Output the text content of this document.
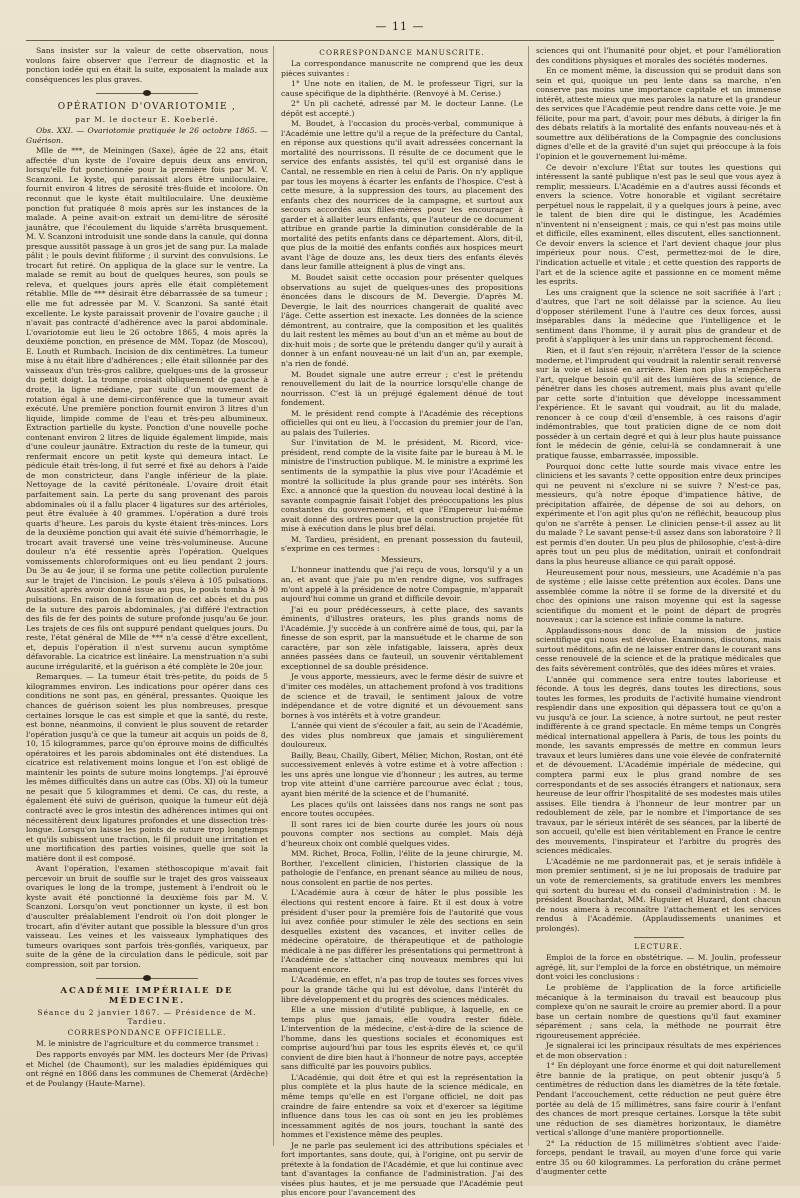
— 11 —

Sans insister sur la valeur de cette observation, nous voulons faire observer que l'erreur de diagnostic et la ponction iodée qui en était la suite, exposaient la malade aux conséquences les plus graves.

OPÉRATION D'OVARIOTOMIE ,

par M. le docteur E. Koeberlé.

Obs. XXI. — Ovariotomie pratiquée le 26 octobre 1865. — Guérison.

Mlle de ***, de Meiningen (Saxe), âgée de 22 ans, était affectée d'un kyste de l'ovaire depuis deux ans environ, lorsqu'elle fut ponctionnée pour la première fois par M. V. Scanzoni. Le kyste, qui paraissait alors être uniloculaire, fournit environ 4 litres de sérosité très-fluide et incolore. On reconnut que le kyste était multiloculaire. Une deuxième ponction fut pratiquée 8 mois après sur les instances de la malade. A peine avait-on extrait un demi-litre de sérosité jaunâtre, que l'écoulement du liquide s'arrêta brusquement. M. V. Scanzoni introduisit une sonde dans la canule, qui donna presque aussitôt passage à un gros jet de sang pur. La malade pâlit ; le pouls devint filiforme ; il survint des convulsions. Le trocart fut retiré. On appliqua de la glace sur le ventre. La malade se remit au bout de quelques heures, son pouls se releva, et quelques jours après elle était complètement rétablie. Mlle de *** désirait être débarrassée de sa tumeur ; elle me fut adressée par M. V. Scanzoni. Sa santé était excellente. Le kyste paraissait provenir de l'ovaire gauche ; il n'avait pas contracté d'adhérence avec la paroi abdominale. L'ovariotomie eut lieu le 26 octobre 1865, 4 mois après la deuxième ponction, en présence de MM. Topaz (de Moscou), E. Louth et Rumbach. Incision de dix centimètres. La tumeur mise à nu était libre d'adhérences ; elle était sillonnée par des vaisseaux d'un très-gros calibre, quelques-uns de la grosseur du petit doigt. La trompe croisait obliquement de gauche à droite, la ligne médiane, par suite d'un mouvement de rotation égal à une demi-circonférence que la tumeur avait exécuté. Une première ponction fournit environ 3 litres d'un liquide, limpide comme de l'eau et très-peu albumineux. Extraction partielle du kyste. Ponction d'une nouvelle poche contenant environ 2 litres de liquide également limpide, mais d'une couleur jaunâtre. Extraction du reste de la tumeur, qui renfermait encore un petit kyste qui demeura intact. Le pédicule était très-long, il fut serré et fixé au dehors à l'aide de mon constricteur, dans l'angle inférieur de la plaie. Nettoyage de la cavité péritonéale. L'ovaire droit était parfaitement sain. La perte du sang provenant des parois abdominales où il a fallu placer 4 ligatures sur des artérioles, peut être évaluée à 40 grammes. L'opération a duré trois quarts d'heure. Les parois du kyste étaient très-minces. Lors de la deuxième ponction qui avait été suivie d'hémorrhagie, le trocart avait traversé une veine très-volumineuse. Aucune douleur n'a été ressentie après l'opération. Quelques vomissements chloroformiques ont eu lieu pendant 2 jours. Du 3e au 4e jour, il se forma une petite collection purulente sur le trajet de l'incision. Le pouls s'éleva à 105 pulsations. Aussitôt après avoir donné issue au pus, le pouls tomba à 90 pulsations. En raison de la formation de cet abcès et du pus de la suture des parois abdominales, j'ai différé l'extraction des fils de fer des points de suture profonde jusqu'au 6e jour. Les trajets de ces fils ont suppuré pendant quelques jours. Du reste, l'état général de Mlle de *** n'a cessé d'être excellent, et, depuis l'opération il n'est survenu aucun symptôme défavorable. La cicatrice est linéaire. La menstruation n'a subi aucune irrégularité, et la guérison a été complète le 20e jour.

Remarques. — La tumeur était très-petite, du poids de 5 kilogrammes environ. Les indications pour opérer dans ces conditions ne sont pas, en général, pressantes. Quoique les chances de guérison soient les plus nombreuses, presque certaines lorsque le cas est simple et que la santé, du reste, est bonne, néanmoins, il convient le plus souvent de retarder l'opération jusqu'à ce que la tumeur ait acquis un poids de 8, 10, 15 kilogrammes, parce qu'on éprouve moins de difficultés opératoires et les parois abdominales ont été distendues. La cicatrice est relativement moins longue et l'on est obligé de maintenir les points de suture moins longtemps. J'ai éprouvé les mêmes difficultés dans un autre cas (Obs. XI) où la tumeur ne pesait que 5 kilogrammes et demi. Ce cas, du reste, a également été suivi de guérison, quoique la tumeur eût déjà contracté avec le gros intestin des adhérences intimes qui ont nécessitèrent deux ligatures profondes et une dissection très-longue. Lorsqu'on laisse les points de suture trop longtemps et qu'ils subissent une traction, le fil produit une irritation et une mortification des parties voisines, quelle que soit la matière dont il est composé.

Avant l'opération, l'examen stéthoscopique m'avait fait percevoir un bruit de souffle sur le trajet des gros vaisseaux ovariques le long de la trompe, justement à l'endroit où le kyste avait été ponctionné la deuxième fois par M. V. Scanzoni. Lorsqu'on veut ponctionner un kyste, il est bon d'ausculter préalablement l'endroit où l'on doit plonger le trocart, afin d'éviter autant que possible la blessure d'un gros vaisseau. Les veines et les vaisseaux lymphatiques des tumeurs ovariques sont parfois très-gonflés, variqueux, par suite de la gêne de la circulation dans le pédicule, soit par compression, soit par torsion.

ACADÉMIE IMPÉRIALE DE MÉDECINE.

Séance du 2 janvier 1867. — Présidence de M. Tardieu.

CORRESPONDANCE OFFICIELLE.

M. le ministre de l'agriculture et du commerce transmet :

Des rapports envoyés par MM. les docteurs Mer (de Privas) et Michel (de Chaumont), sur les maladies épidémiques qui ont régné en 1866 dans les communes de Chemerat (Ardèche) et de Poulangy (Haute-Marne).

CORRESPONDANCE MANUSCRITE.

La correspondance manuscrite ne comprend que les deux pièces suivantes :

1° Une note en italien, de M. le professeur Tigri, sur la cause spécifique de la diphthérie. (Renvoyé à M. Cerise.)

2° Un pli cacheté, adressé par M. le docteur Lanne. (Le dépôt est accepté.)

M. Boudet, à l'occasion du procès-verbal, communique à l'Académie une lettre qu'il a reçue de la préfecture du Cantal, en réponse aux questions qu'il avait adressées concernant la mortalité des nourrissons. Il résulte de ce document que le service des enfants assistés, tel qu'il est organisé dans le Cantal, ne ressemble en rien à celui de Paris. On n'y applique par tous les moyens à écarter les enfants de l'hospice. C'est à cette mesure, à la suppression des tours, au placement des enfants chez des nourrices de la campagne, et surtout aux secours accordés aux filles-mères pour les encourager à garder et à allaiter leurs enfants, que l'auteur de ce document attribue en grande partie la diminution considérable de la mortalité des petits enfants dans ce département. Alors, dit-il, que plus de la moitié des enfants confiés aux hospices meurt avant l'âge de douze ans, les deux tiers des enfants élevés dans leur famille atteignent à plus de vingt ans.

M. Boudet saisit cette occasion pour présenter quelques observations au sujet de quelques-unes des propositions énoncées dans le discours de M. Devergie. D'après M. Devergie, le lait des nourrices changerait de qualité avec l'âge. Cette assertion est inexacte. Les données de la science démontrent, au contraire, que la composition et les qualités du lait restent les mêmes au bout d'un an et même au bout de dix-huit mois ; de sorte que le prétendu danger qu'il y aurait à donner à un enfant nouveau-né un lait d'un an, par exemple, n'a rien de fondé.

M. Boudet signale une autre erreur ; c'est le prétendu renouvellement du lait de la nourrice lorsqu'elle change de nourrisson. C'est là un préjugé également dénué de tout fondement.

M. le président rend compte à l'Académie des réceptions officielles qui ont eu lieu, à l'occasion du premier jour de l'an, au palais des Tuileries.

Sur l'invitation de M. le président, M. Ricord, vice-président, rend compte de la visite faite par le bureau à M. le ministre de l'instruction publique. M. le ministre a exprimé les sentiments de la sympathie la plus vive pour l'Académie et montré la sollicitude la plus grande pour ses intérêts. Son Exc. a annoncé que la question du nouveau local destiné à la savante compagnie faisait l'objet des préoccupations les plus constantes du gouvernement, et que l'Empereur lui-même avait donné des ordres pour que la construction projetée fût mise à exécution dans le plus bref délai.

M. Tardieu, président, en prenant possession du fauteuil, s'exprime en ces termes :

Messieurs,

L'honneur inattendu que j'ai reçu de vous, lorsqu'il y a un an, et avant que j'aie pu m'en rendre digne, vos suffrages m'ont appelé à la présidence de notre Compagnie, m'apparaît aujourd'hui comme un grand et difficile devoir.

J'ai eu pour prédécesseurs, à cette place, des savants éminents, d'illustres orateurs, les plus grands noms de l'Académie. J'y succède à un confrère aimé de tous, qui, par la finesse de son esprit, par la mansuétude et le charme de son caractère, par son zèle infatigable, laissera, après deux années passées dans ce fauteuil, un souvenir véritablement exceptionnel de sa double présidence.

Je vous apporte, messieurs, avec le ferme désir de suivre et d'imiter ces modèles, un attachement profond à vos traditions de science et de travail, le sentiment jaloux de votre indépendance et de votre dignité et un dévouement sans bornes à vos intérêts et à votre grandeur.

L'année qui vient de s'écouler a fait, au sein de l'Académie, des vides plus nombreux que jamais et singulièrement douloureux.

Bailly, Beau, Chailly, Gibert, Mêlier, Michon, Rostan, ont été successivement enlevés à votre estime et à votre affection : les uns après une longue vie d'honneur ; les autres, au terme trop vite atteint d'une carrière parcourue avec éclat ; tous, ayant bien mérité de la science et de l'humanité.

Les places qu'ils ont laissées dans nos rangs ne sont pas encore toutes occupées.

Il sont rares ici de bien courte durée les jours où nous pouvons compter nos sections au complet. Mais déjà d'heureux choix ont comblé quelques vides.

MM. Richet, Broca, Follin, l'élite de la jeune chirurgie, M. Borther, l'excellent clinicien, l'historien classique de la pathologie de l'enfance, en prenant séance au milieu de nous, nous consolent en partie de nos pertes.

L'Académie aura à cœur de hâter le plus possible les élections qui restent encore à faire. Et il est doux à votre président d'user pour la première fois de l'autorité que vous lui avez confiée pour stimuler le zèle des sections en sein desquelles existent des vacances, et inviter celles de médecine opératoire, de thérapeutique et de pathologie médicale à ne pas différer les présentations qui permettront à l'Académie de s'attacher cinq nouveaux membres qui lui manquent encore.

L'Académie, en effet, n'a pas trop de toutes ses forces vives pour la grande tâche qui lui est dévolue, dans l'intérêt du libre développement et du progrès des sciences médicales.

Elle a une mission d'utilité publique, à laquelle, en ce temps plus que jamais, elle voudra rester fidèle. L'intervention de la médecine, c'est-à-dire de la science de l'homme, dans les questions sociales et économiques est comprise aujourd'hui par tous les esprits élevés et, ce qu'il convient de dire bien haut à l'honneur de notre pays, acceptée sans difficulté par les pouvoirs publics.

L'Académie, qui doit être et qui est la représentation la plus complète et la plus haute de la science médicale, en même temps qu'elle en est l'organe officiel, ne doit pas craindre de faire entendre sa voix et d'exercer sa légitime influence dans tous les cas où sont en jeu les problèmes incessamment agités de nos jours, touchant la santé des hommes et l'existence même des peuples.

Je ne parle pas seulement ici des attributions spéciales et fort importantes, sans doute, qui, à l'origine, ont pu servir de prétexte à la fondation de l'Académie, et que lui continue avec tant d'avantages la confiance de l'administration. J'ai des visées plus hautes, et je me persuade que l'Académie peut plus encore pour l'avancement des

sciences qui ont l'humanité pour objet, et pour l'amélioration des conditions physiques et morales des sociétés modernes.

En ce moment même, la discussion qui se produit dans son sein et qui, quoique un peu lente dans sa marche, n'en conserve pas moins une importance capitale et un immense intérêt, atteste mieux que mes paroles la nature et la grandeur des services que l'Académie peut rendre dans cette voie. Je me félicite, pour ma part, d'avoir, pour mes débuts, à diriger la fin des débats relatifs à la mortalité des enfants nouveau-nés et à soumettre aux délibérations de la Compagnie des conclusions dignes d'elle et de la gravité d'un sujet qui préoccupe à la fois l'opinion et le gouvernement lui-même.

Ce devoir n'exclure l'État sur toutes les questions qui intéressent la santé publique n'est pas le seul que vous ayez à remplir, messieurs. L'Académie en a d'autres aussi féconds et envers la science. Votre honorable et vigilant secrétaire perpétuel nous le rappelait, il y a quelques jours à peine, avec le talent de bien dire qui le distingue, les Académies n'inventent ni n'enseignent ; mais, ce qui n'est pas moins utile et difficile, elles examinent, elles discutent, elles sanctionnent. Ce devoir envers la science et l'art devient chaque jour plus impérieux pour nous. C'est, permettez-moi de le dire, l'indication actuelle et vitale ; et cette question des rapports de l'art et de la science agite et passionne en ce moment même les esprits.

Les uns craignent que la science ne soit sacrifiée à l'art ; d'autres, que l'art ne soit délaissé par la science. Au lieu d'opposer stérilement l'une à l'autre ces deux forces, aussi inséparables dans la médecine que l'intelligence et le sentiment dans l'homme, il y aurait plus de grandeur et de profit à s'appliquer à les unir dans un rapprochement fécond.

Rien, et il faut s'en réjouir, n'arrêtera l'essor de la science moderne, et l'imprudent qui voudrait la ralentir serait renversé sur la voie et laissé en arrière. Rien non plus n'empêchera l'art, quelque besoin qu'il ait des lumières de la science, de pénétrer dans les choses autrement, mais plus avant qu'elle par cette sorte d'intuition que développe incessamment l'expérience. Et le savant qui voudrait, au lit du malade, renoncer à ce coup d'œil d'ensemble, à ces raisons d'agir indémontrables, que tout praticien digne de ce nom doit posséder à un certain degré et qui à leur plus haute puissance font le médecin de génie, celui-là se condamnerait à une pratique fausse, embarrassée, impossible.

Pourquoi donc cette lutte sourde mais vivace entre les cliniciens et les savants ? cette opposition entre deux principes qui ne peuvent ni s'exclure ni se suivre ? N'est-ce pas, messieurs, qu'à notre époque d'impatience hâtive, de précipitation affairée, de dépense de soi au dehors, on expérimente et l'on agit plus qu'on ne réfléchit, beaucoup plus qu'on ne s'arrête à penser. Le clinicien pense-t-il assez au lit du malade ? Le savant pense-t-il assez dans son laboratoire ? Il est permis d'en douter. Un peu plus de philosophie, c'est-à-dire après tout un peu plus de méditation, unirait et confondrait dans la plus heureuse alliance ce qui paraît opposé.

Heureusement pour nous, messieurs, une Académie n'a pas de système ; elle laisse cette prétention aux écoles. Dans une assemblée comme la nôtre il se forme de la diversité et du choc des opinions une raison moyenne qui est la sagesse scientifique du moment et le point de départ de progrès nouveaux ; car la science est infinie comme la nature.

Applaudissons-nous donc de la mission de justice scientifique qui nous est dévolue. Examinons, discutons, mais surtout méditons, afin de ne laisser entrer dans le courant sans cesse renouvelé de la science et de la pratique médicales que des faits sévèrement contrôlés, que des idées mûres et vraies.

L'année qui commence sera entre toutes laborieuse et féconde. A tous les degrés, dans toutes les directions, sous toutes les formes, les produits de l'activité humaine viendront resplendir dans une exposition qui dépassera tout ce qu'on a vu jusqu'à ce jour. La science, à notre surtout, ne peut rester indifférente à ce grand spectacle. En même temps un Congrès médical international appellera à Paris, de tous les points du monde, les savants empressés de mettre en commun leurs travaux et leurs lumières dans une voie élevée de confraternité et de dévouement. L'Académie impériale de médecine, qui comptera parmi eux le plus grand nombre de ses correspondants et de ses associés étrangers et nationaux, sera heureuse de leur offrir l'hospitalité de ses modestes mais utiles assises. Elle tiendra à l'honneur de leur montrer par un redoublement de zèle, par le nombre et l'importance de ses travaux, par le sérieux intérêt de ses séances, par la liberté de son accueil, qu'elle est bien véritablement en France le centre des mouvements, l'inspirateur et l'arbitre du progrès des sciences médicales.

L'Académie ne me pardonnerait pas, et je serais infidèle à mon premier sentiment, si je ne lui proposais de traduire par un vote de remerciements, sa gratitude envers les membres qui sortent du bureau et du conseil d'administration : M. le président Bouchardat, MM. Huguier et Huzard, dont chacun de nous aimera à reconnaître l'attachement et les services rendus à l'Académie. (Applaudissements unanimes et prolongés).

LECTURE.

Emploi de la force en obstétrique. — M. Joulin, professeur agrégé, lit, sur l'emploi de la force en obstétrique, un mémoire dont voici les conclusions :

Le problème de l'application de la force artificielle mécanique à la terminaison du travail est beaucoup plus complexe qu'on ne saurait le croire au premier abord. Il a pour base un certain nombre de questions qu'il faut examiner séparément ; sans cela, la méthode ne pourrait être rigoureusement appréciée.

Je signalerai ici les principaux résultats de mes expériences et de mon observation :

1° En déployant une force énorme et qui doit naturellement être bannie de la pratique, on peut obtenir jusqu'à 5 centimètres de réduction dans les diamètres de la tête fœtale. Pendant l'accouchement, cette réduction ne peut guère être portée au delà de 15 millimètres, sans faire courir à l'enfant des chances de mort presque certaines. Lorsque la tête subit une réduction de ses diamètres horizontaux, le diamètre vertical s'allonge d'une manière proportionnelle.

2° La réduction de 15 millimètres s'obtient avec l'aide-forceps, pendant le travail, au moyen d'une force qui varie entre 35 ou 60 kilogrammes. La perforation du crâne permet d'augmenter cette
